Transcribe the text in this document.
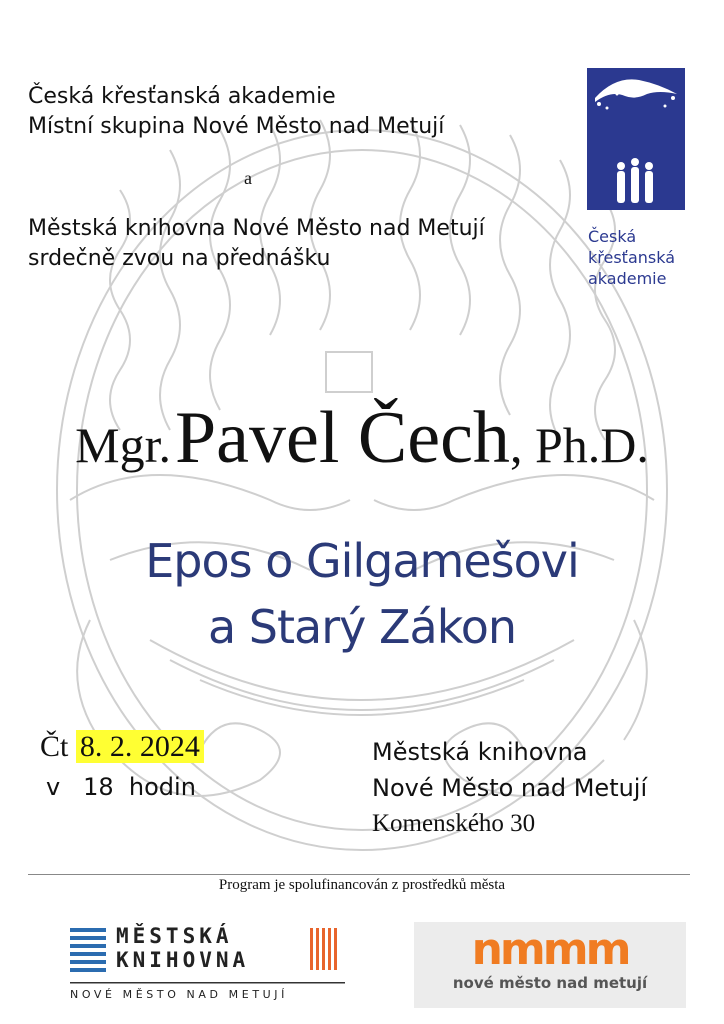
Česká křesťanská akademie
Místní skupina Nové Město nad Metují
a
Městská knihovna Nové Město nad Metují
srdečně zvou na přednášku
Česká
křesťanská
akademie
Mgr. Pavel Čech, Ph.D.
Epos o Gilgamešovi
a Starý Zákon
Čt 8. 2. 2024
v 18  hodin
Městská knihovna
Nové Město nad Metují
Komenského 30
Program je spolufinancován z prostředků města
MĚSTSKÁ
KNIHOVNA
NOVÉ MĚSTO NAD METUJÍ
nmmm
nové město nad metují
